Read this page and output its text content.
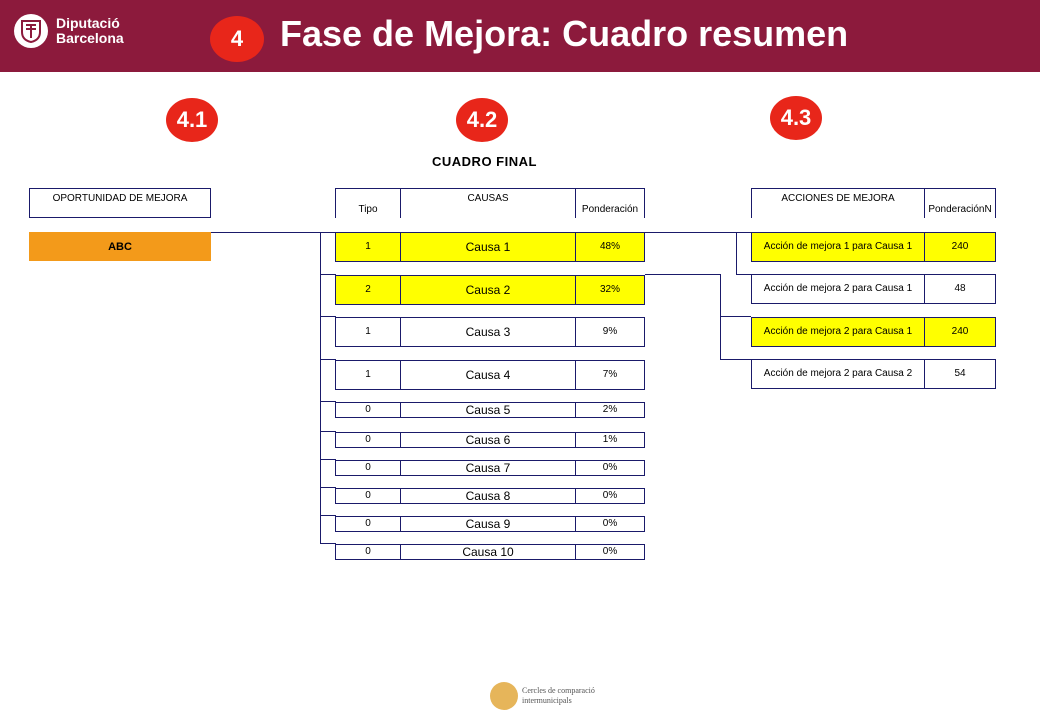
Diputació
Barcelona	4	Fase de Mejora: Cuadro resumen
4.1	4.2	4.3
CUADRO FINAL
OPORTUNIDAD DE MEJORA
ABC
Tipo
CAUSAS
Ponderación
1	Causa 1	48%
2	Causa 2	32%
1	Causa 3	9%
1	Causa 4	7%
0	Causa 5	2%
0	Causa 6	1%
0	Causa 7	0%
0	Causa 8	0%
0	Causa 9	0%
0	Causa 10	0%
ACCIONES DE MEJORA
PonderaciónN
Acción de mejora 1 para Causa 1	240
Acción de mejora 2 para Causa 1	48
Acción de mejora 2 para Causa 1	240
Acción de mejora 2 para Causa 2	54
Cercles de comparació
intermunicipals
